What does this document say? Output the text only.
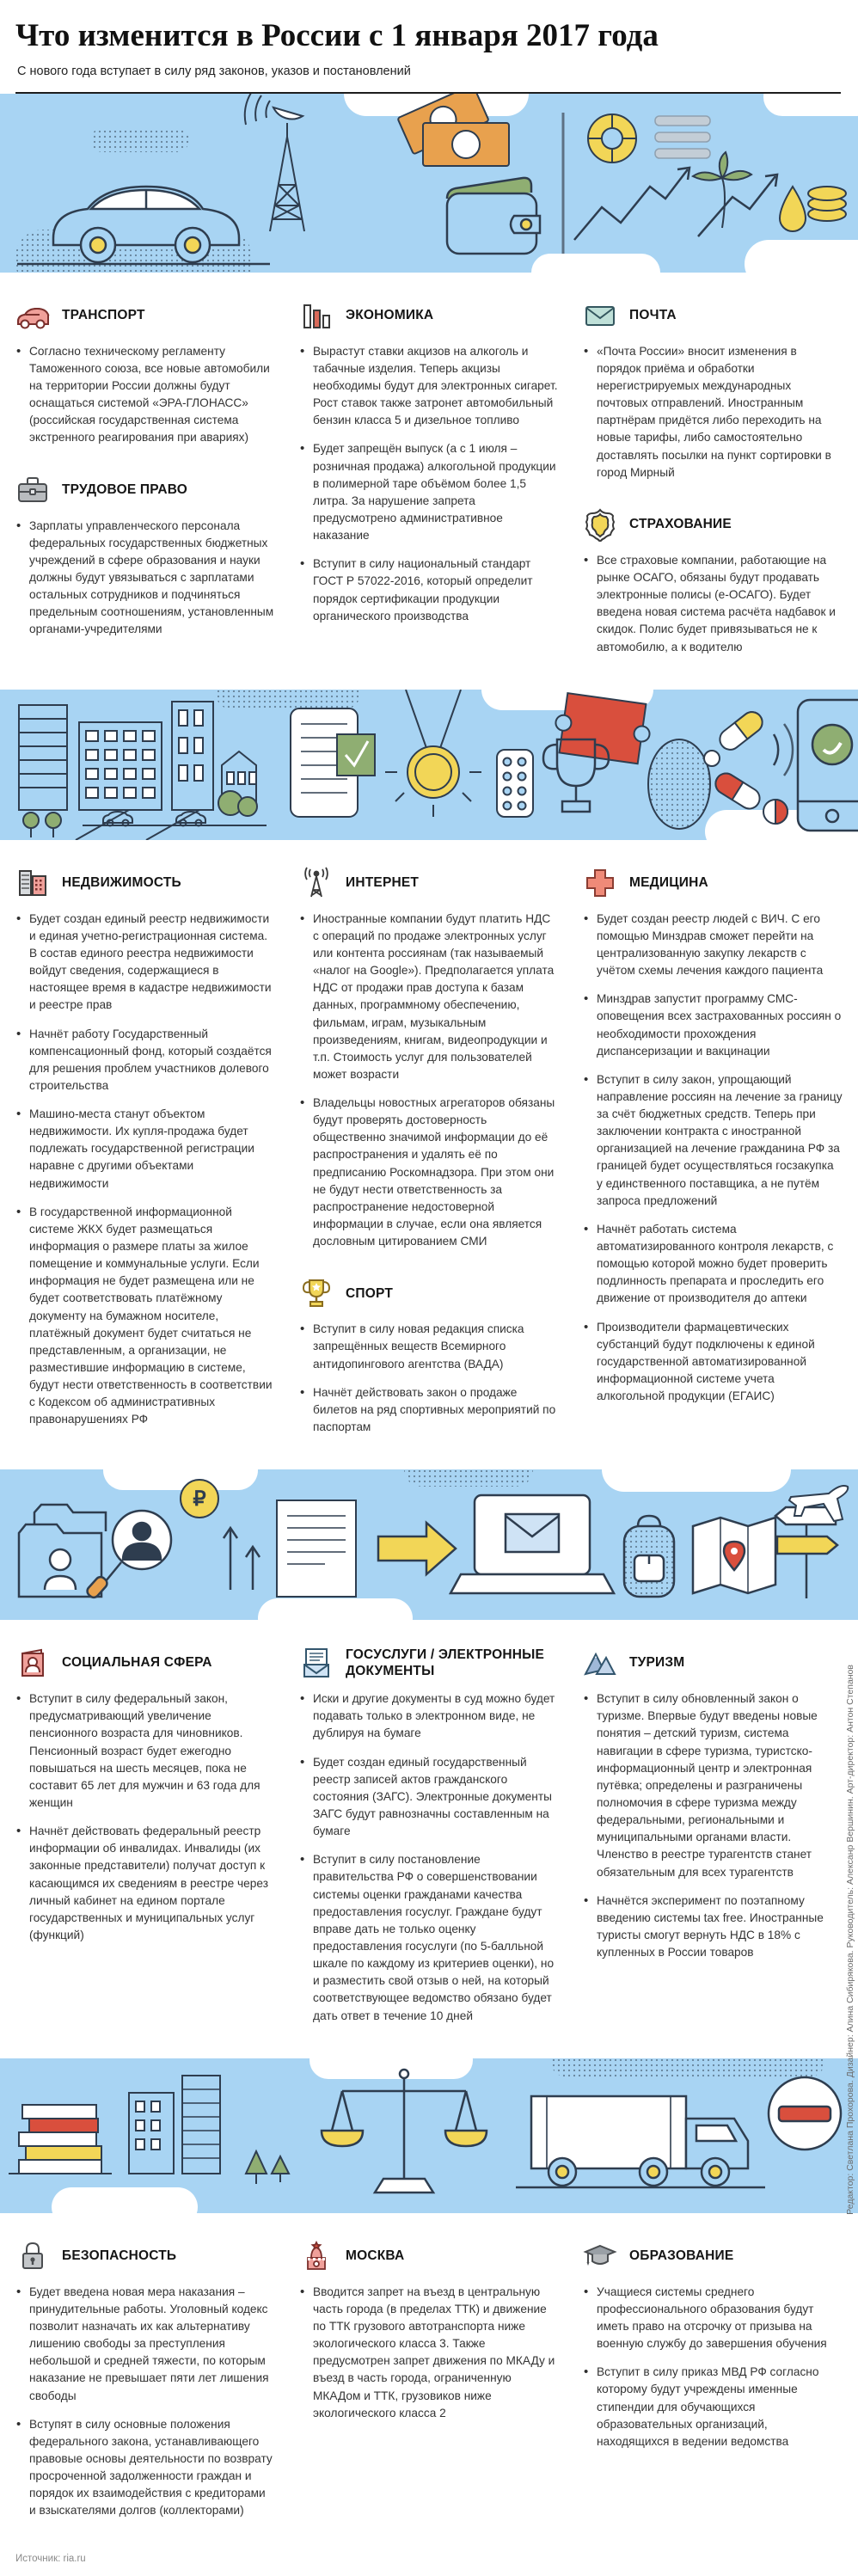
Что изменится в России с 1 января 2017 года

С нового года вступает в силу ряд законов, указов и постановлений

ТРАНСПОРТ
• Согласно техническому регламенту Таможенного союза, все новые автомобили на территории России должны будут оснащаться системой «ЭРА-ГЛОНАСС» (российская государственная система экстренного реагирования при авариях)
ТРУДОВОЕ ПРАВО
• Зарплаты управленческого персонала федеральных государственных бюджетных учреждений в сфере образования и науки должны будут увязываться с зарплатами остальных сотрудников и подчиняться предельным соотношениям, установленным органами-учредителями
ЭКОНОМИКА
• Вырастут ставки акцизов на алкоголь и табачные изделия. Теперь акцизы необходимы будут для электронных сигарет. Рост ставок также затронет автомобильный бензин класса 5 и дизельное топливо
• Будет запрещён выпуск (а с 1 июля – розничная продажа) алкогольной продукции в полимерной таре объёмом более 1,5 литра. За нарушение запрета предусмотрено административное наказание
• Вступит в силу национальный стандарт ГОСТ Р 57022-2016, который определит порядок сертификации продукции органического производства
ПОЧТА
• «Почта России» вносит изменения в порядок приёма и обработки нерегистрируемых международных почтовых отправлений. Иностранным партнёрам придётся либо переходить на новые тарифы, либо самостоятельно доставлять посылки на пункт сортировки в город Мирный
СТРАХОВАНИЕ
• Все страховые компании, работающие на рынке ОСАГО, обязаны будут продавать электронные полисы (е-ОСАГО). Будет введена новая система расчёта надбавок и скидок. Полис будет привязываться не к автомобилю, а к водителю
НЕДВИЖИМОСТЬ
• Будет создан единый реестр недвижимости и единая учетно-регистрационная система. В состав единого реестра недвижимости войдут сведения, содержащиеся в настоящее время в кадастре недвижимости и реестре прав
• Начнёт работу Государственный компенсационный фонд, который создаётся для решения проблем участников долевого строительства
• Машино-места станут объектом недвижимости. Их купля-продажа будет подлежать государственной регистрации наравне с другими объектами недвижимости
• В государственной информационной системе ЖКХ будет размещаться информация о размере платы за жилое помещение и коммунальные услуги. Если информация не будет размещена или не будет соответствовать платёжному документу на бумажном носителе, платёжный документ будет считаться не представленным, а организации, не разместившие информацию в системе, будут нести ответственность в соответствии с Кодексом об административных правонарушениях РФ
ИНТЕРНЕТ
• Иностранные компании будут платить НДС с операций по продаже электронных услуг или контента россиянам (так называемый «налог на Google»). Предполагается уплата НДС от продажи прав доступа к базам данных, программному обеспечению, фильмам, играм, музыкальным произведениям, книгам, видеопродукции и т.п. Стоимость услуг для пользователей может возрасти
• Владельцы новостных агрегаторов обязаны будут проверять достоверность общественно значимой информации до её распространения и удалять её по предписанию Роскомнадзора. При этом они не будут нести ответственность за распространение недостоверной информации в случае, если она является дословным цитированием СМИ
СПОРТ
• Вступит в силу новая редакция списка запрещённых веществ Всемирного антидопингового агентства (ВАДА)
• Начнёт действовать закон о продаже билетов на ряд спортивных мероприятий по паспортам
МЕДИЦИНА
• Будет создан реестр людей с ВИЧ. С его помощью Минздрав сможет перейти на централизованную закупку лекарств с учётом схемы лечения каждого пациента
• Минздрав запустит программу СМС-оповещения всех застрахованных россиян о необходимости прохождения диспансеризации и вакцинации
• Вступит в силу закон, упрощающий направление россиян на лечение за границу за счёт бюджетных средств. Теперь при заключении контракта с иностранной организацией на лечение гражданина РФ за границей будет осуществляться госзакупка у единственного поставщика, а не путём запроса предложений
• Начнёт работать система автоматизированного контроля лекарств, с помощью которой можно будет проверить подлинность препарата и проследить его движение от производителя до аптеки
• Производители фармацевтических субстанций будут подключены к единой государственной автоматизированной информационной системе учета алкогольной продукции (ЕГАИС)
₽
СОЦИАЛЬНАЯ СФЕРА
• Вступит в силу федеральный закон, предусматривающий увеличение пенсионного возраста для чиновников. Пенсионный возраст будет ежегодно повышаться на шесть месяцев, пока не составит 65 лет для мужчин и 63 года для женщин
• Начнёт действовать федеральный реестр информации об инвалидах. Инвалиды (их законные представители) получат доступ к касающимся их сведениям в реестре через личный кабинет на едином портале государственных и муниципальных услуг (функций)
ГОСУСЛУГИ / ЭЛЕКТРОННЫЕ ДОКУМЕНТЫ
• Иски и другие документы в суд можно будет подавать только в электронном виде, не дублируя на бумаге
• Будет создан единый государственный реестр записей актов гражданского состояния (ЗАГС). Электронные документы ЗАГС будут равнозначны составленным на бумаге
• Вступит в силу постановление правительства РФ о совершенствовании системы оценки гражданами качества предоставления госуслуг. Граждане будут вправе дать не только оценку предоставления госуслуги (по 5-балльной шкале по каждому из критериев оценки), но и разместить свой отзыв о ней, на который соответствующее ведомство обязано будет дать ответ в течение 10 дней
ТУРИЗМ
• Вступит в силу обновленный закон о туризме. Впервые будут введены новые понятия – детский туризм, система навигации в сфере туризма, туристско-информационный центр и электронная путёвка; определены и разграничены полномочия в сфере туризма между федеральными, региональными и муниципальными органами власти. Членство в реестре турагентств станет обязательным для всех турагентств
• Начнётся эксперимент по поэтапному введению системы tax free. Иностранные туристы смогут вернуть НДС в 18% с купленных в России товаров
БЕЗОПАСНОСТЬ
• Будет введена новая мера наказания – принудительные работы. Уголовный кодекс позволит назначать их как альтернативу лишению свободы за преступления небольшой и средней тяжести, по которым наказание не превышает пяти лет лишения свободы
• Вступят в силу основные положения федерального закона, устанавливающего правовые основы деятельности по возврату просроченной задолженности граждан и порядок их взаимодействия с кредиторами и взыскателями долгов (коллекторами)
МОСКВА
• Вводится запрет на въезд в центральную часть города (в пределах ТТК) и движение по ТТК грузового автотранспорта ниже экологического класса 3. Также предусмотрен запрет движения по МКАДу и въезд в часть города, ограниченную МКАДом и ТТК, грузовиков ниже экологического класса 2
ОБРАЗОВАНИЕ
• Учащиеся системы среднего профессионального образования будут иметь право на отсрочку от призыва на военную службу до завершения обучения
• Вступит в силу приказ МВД РФ согласно которому будут учреждены именные стипендии для обучающихся образовательных организаций, находящихся в ведении ведомства
Источник: ria.ru
Редактор: Светлана Прохорова. Дизайнер: Алина Сибирякова. Руководитель: Алексанр Вершинин. Арт-директор: Антон Степанов
